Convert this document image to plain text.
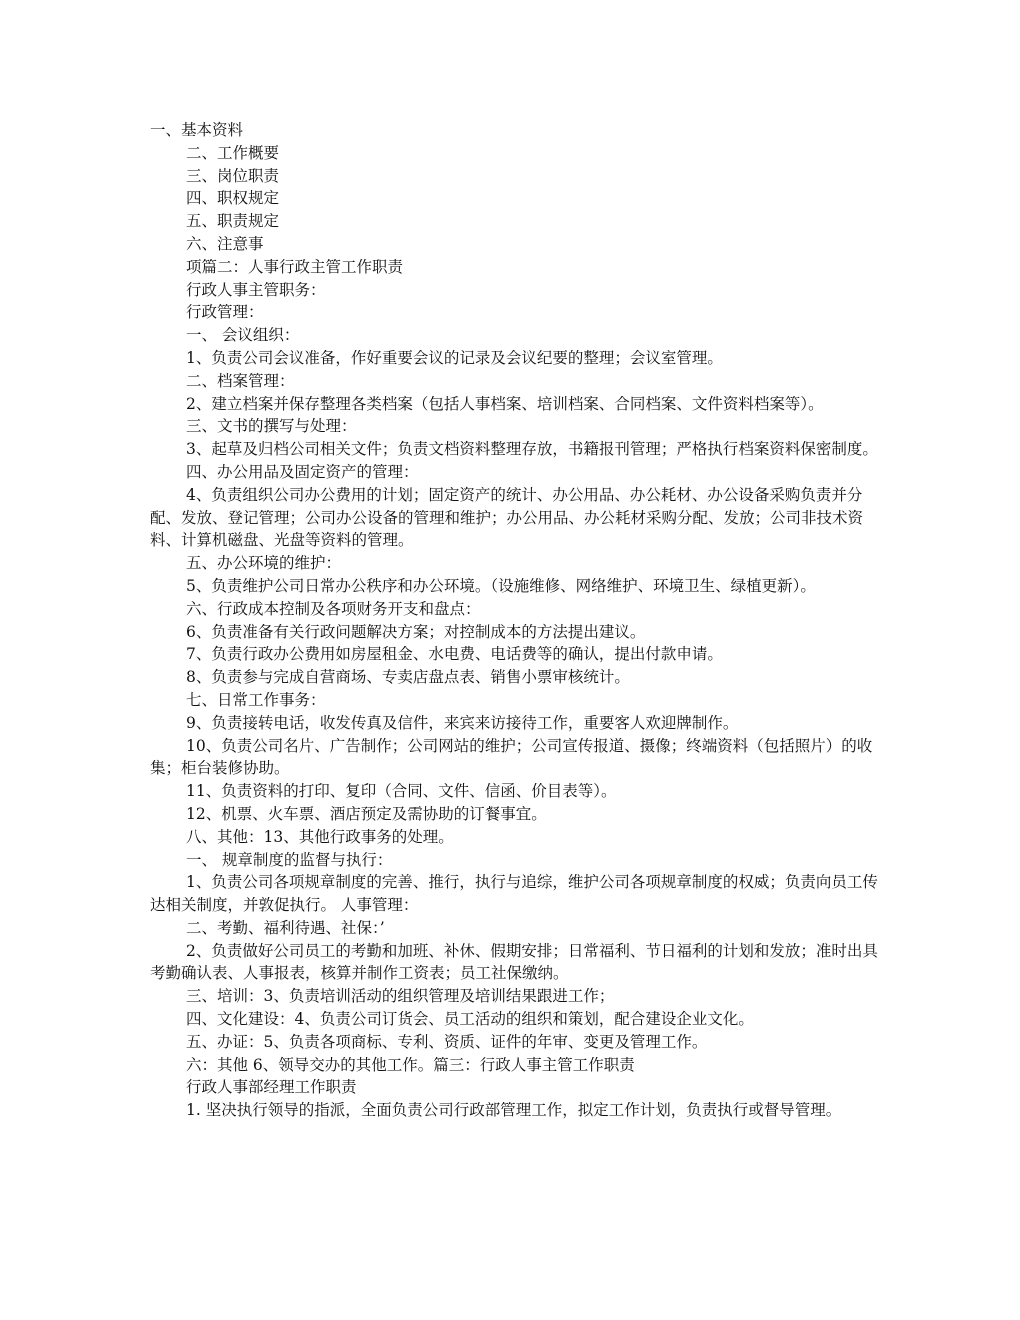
一、基本资料

二、工作概要

三、岗位职责

四、职权规定

五、职责规定

六、注意事

项篇二：人事行政主管工作职责

行政人事主管职务：

行政管理：

一、 会议组织：

1、负责公司会议准备，作好重要会议的记录及会议纪要的整理；会议室管理。

二、档案管理：

2、建立档案并保存整理各类档案（包括人事档案、培训档案、合同档案、文件资料档案等）。

三、文书的撰写与处理：

3、起草及归档公司相关文件；负责文档资料整理存放，书籍报刊管理；严格执行档案资料保密制度。

四、办公用品及固定资产的管理：

4、负责组织公司办公费用的计划；固定资产的统计、办公用品、办公耗材、办公设备采购负责并分配、发放、登记管理；公司办公设备的管理和维护；办公用品、办公耗材采购分配、发放；公司非技术资料、计算机磁盘、光盘等资料的管理。

五、办公环境的维护：

5、负责维护公司日常办公秩序和办公环境。（设施维修、网络维护、环境卫生、绿植更新）。

六、行政成本控制及各项财务开支和盘点：

6、负责准备有关行政问题解决方案；对控制成本的方法提出建议。

7、负责行政办公费用如房屋租金、水电费、电话费等的确认，提出付款申请。

8、负责参与完成自营商场、专卖店盘点表、销售小票审核统计。

七、日常工作事务：

9、负责接转电话，收发传真及信件，来宾来访接待工作，重要客人欢迎牌制作。

10、负责公司名片、广告制作；公司网站的维护；公司宣传报道、摄像；终端资料（包括照片）的收集；柜台装修协助。

11、负责资料的打印、复印（合同、文件、信函、价目表等）。

12、机票、火车票、酒店预定及需协助的订餐事宜。

八、其他：13、其他行政事务的处理。

一、 规章制度的监督与执行：

1、负责公司各项规章制度的完善、推行，执行与追综，维护公司各项规章制度的权威；负责向员工传达相关制度，并敦促执行。 人事管理：

二、考勤、福利待遇、社保：’

2、负责做好公司员工的考勤和加班、补休、假期安排；日常福利、节日福利的计划和发放；准时出具考勤确认表、人事报表，核算并制作工资表；员工社保缴纳。

三、培训：3、负责培训活动的组织管理及培训结果跟进工作；

四、文化建设：4、负责公司订货会、员工活动的组织和策划，配合建设企业文化。

五、办证：5、负责各项商标、专利、资质、证件的年审、变更及管理工作。

六：其他 6、领导交办的其他工作。篇三：行政人事主管工作职责

行政人事部经理工作职责

1. 坚决执行领导的指派，全面负责公司行政部管理工作，拟定工作计划，负责执行或督导管理。
